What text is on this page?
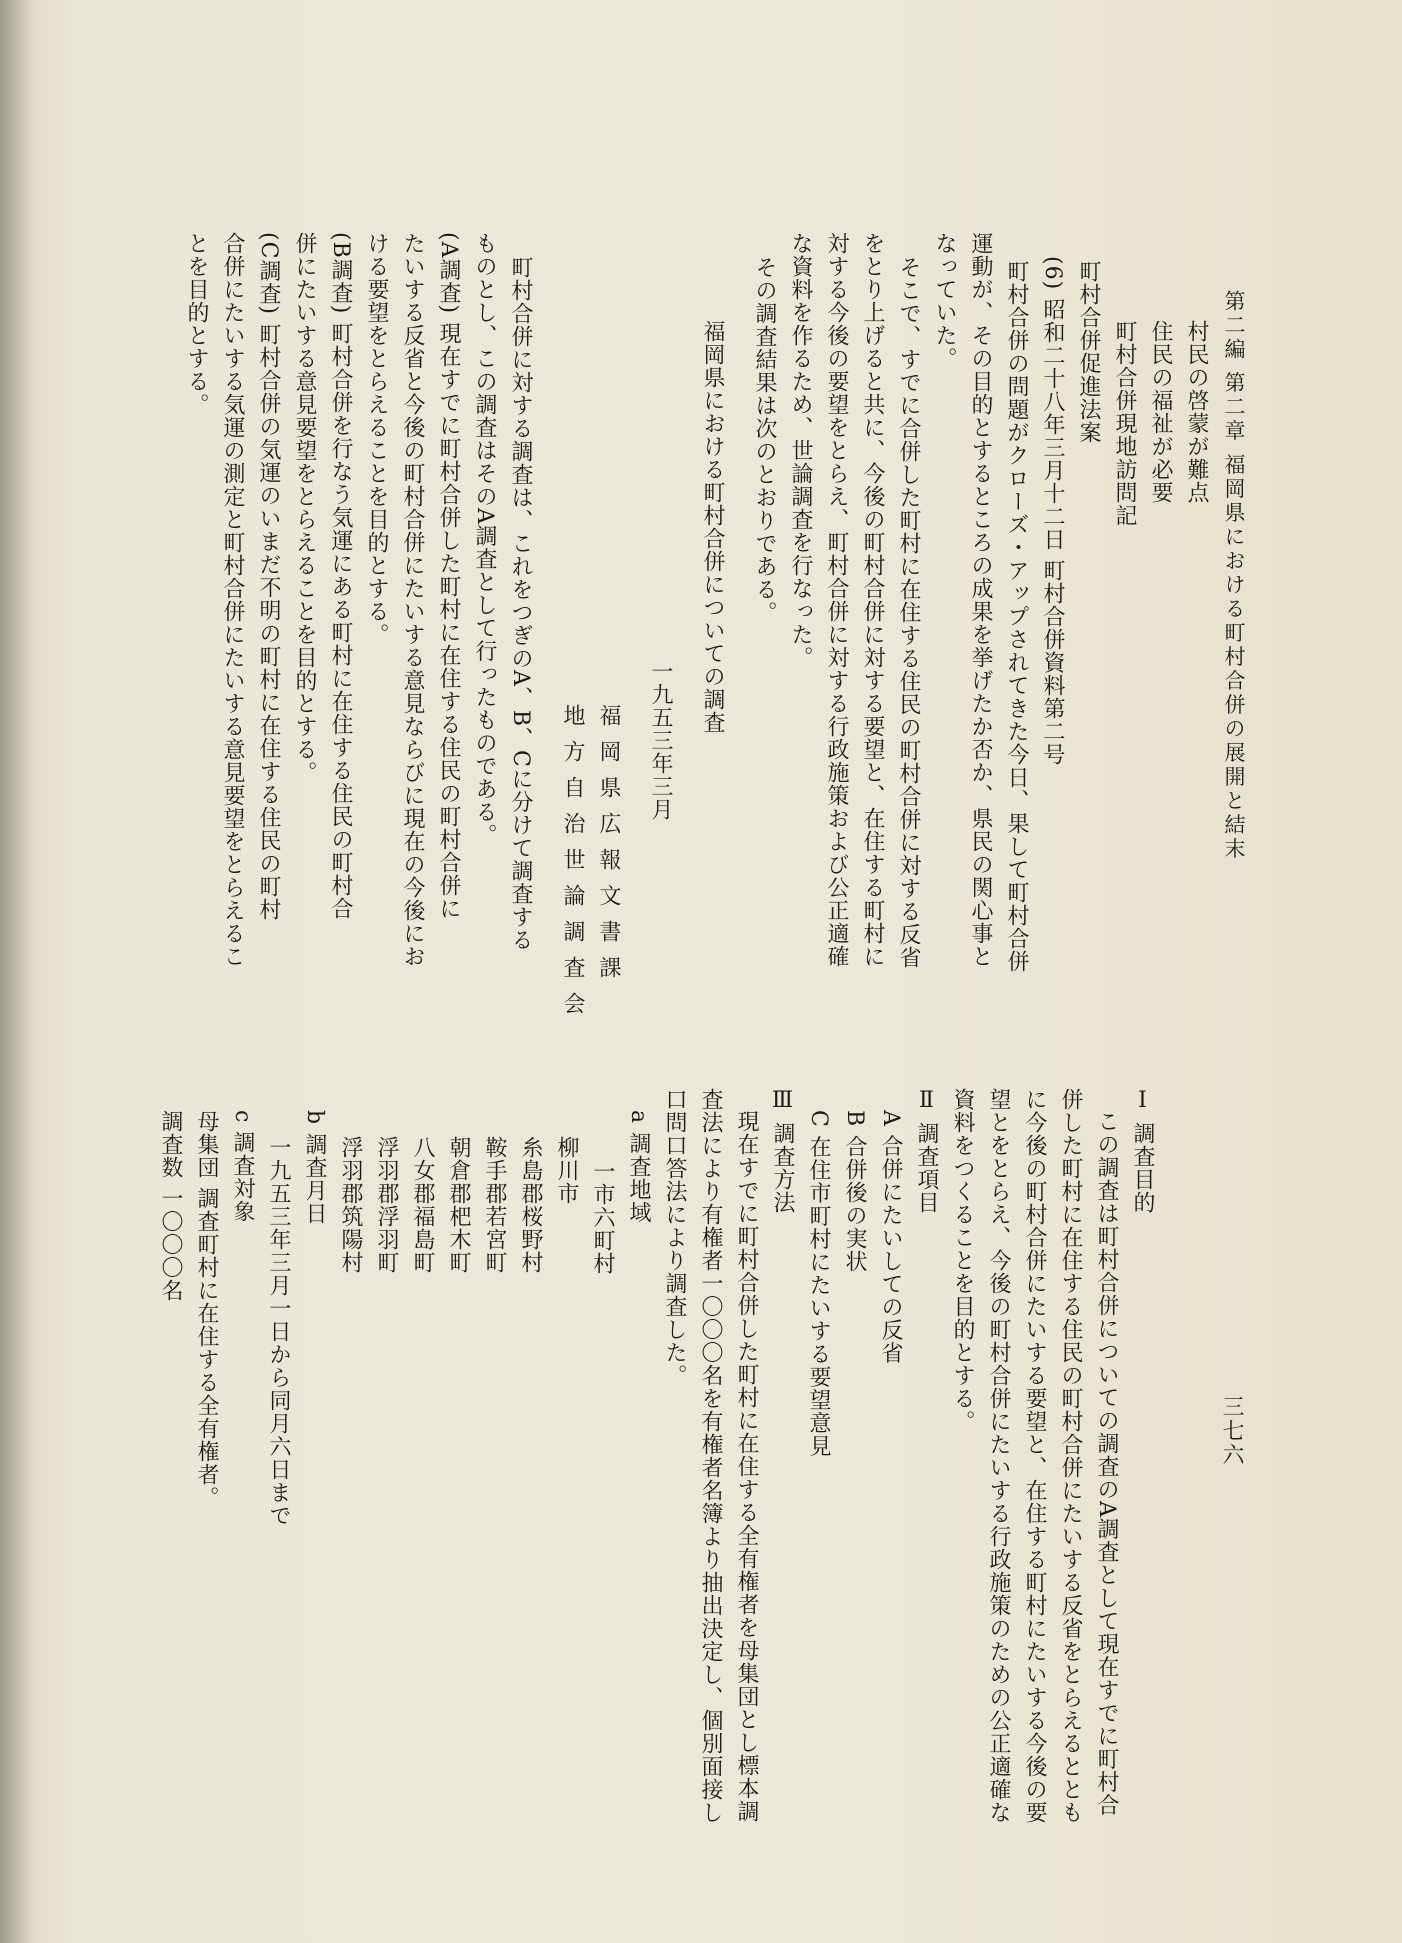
第二編 第二章 福岡県における町村合併の展開と結末
村民の啓蒙が難点
住民の福祉が必要
町村合併現地訪問記
町村合併促進法案
(6) 昭和二十八年三月十二日 町村合併資料第二号
町村合併の問題がクローズ・アップされてきた今日、果して町村合併
運動が、その目的とするところの成果を挙げたか否か、県民の関心事と
なっていた。
そこで、すでに合併した町村に在住する住民の町村合併に対する反省
をとり上げると共に、今後の町村合併に対する要望と、在住する町村に
対する今後の要望をとらえ、町村合併に対する行政施策および公正適確
な資料を作るため、世論調査を行なった。
その調査結果は次のとおりである。
福岡県における町村合併についての調査
一九五三年三月
福岡県広報文書課
地方自治世論調査会
町村合併に対する調査は、これをつぎのA、B、Cに分けて調査する
ものとし、この調査はそのA調査として行ったものである。
(A調査) 現在すでに町村合併した町村に在住する住民の町村合併に
たいする反省と今後の町村合併にたいする意見ならびに現在の今後にお
ける要望をとらえることを目的とする。
(B調査) 町村合併を行なう気運にある町村に在住する住民の町村合
併にたいする意見要望をとらえることを目的とする。
(C調査) 町村合併の気運のいまだ不明の町村に在住する住民の町村
合併にたいする気運の測定と町村合併にたいする意見要望をとらえるこ
とを目的とする。
三七六
Ⅰ 調査目的
この調査は町村合併についての調査のA調査として現在すでに町村合
併した町村に在住する住民の町村合併にたいする反省をとらえるととも
に今後の町村合併にたいする要望と、在住する町村にたいする今後の要
望とをとらえ、今後の町村合併にたいする行政施策のための公正適確な
資料をつくることを目的とする。
Ⅱ 調査項目
A 合併にたいしての反省
B 合併後の実状
C 在住市町村にたいする要望意見
Ⅲ 調査方法
現在すでに町村合併した町村に在住する全有権者を母集団とし標本調
査法により有権者一〇〇〇名を有権者名簿より抽出決定し、個別面接し
口問口答法により調査した。
a 調査地域
一市六町村
柳川市
糸島郡桜野村
鞍手郡若宮町
朝倉郡杷木町
八女郡福島町
浮羽郡浮羽町
浮羽郡筑陽村
b 調査月日
一九五三年三月一日から同月六日まで
c 調査対象
母集団 調査町村に在住する全有権者。
調査数 一〇〇〇名
